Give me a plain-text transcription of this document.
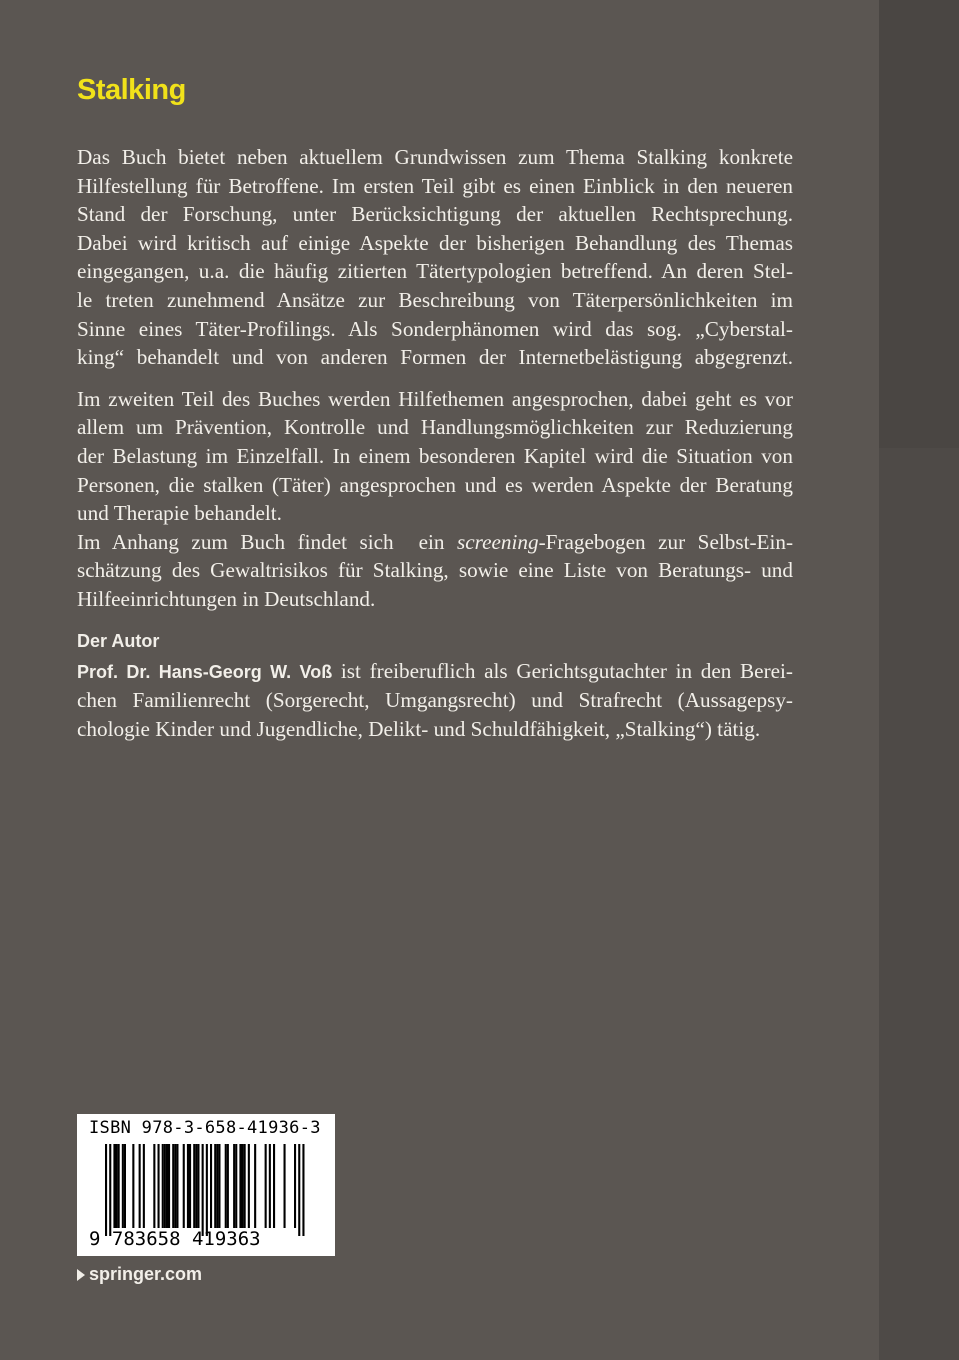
Stalking
Das Buch bietet neben aktuellem Grundwissen zum Thema Stalking konkrete
Hilfestellung für Betroffene. Im ersten Teil gibt es einen Einblick in den neueren
Stand der Forschung, unter Berücksichtigung der aktuellen Rechtsprechung.
Dabei wird kritisch auf einige Aspekte der bisherigen Behandlung des Themas
eingegangen, u.a. die häufig zitierten Tätertypologien betreffend. An deren Stel-
le treten zunehmend Ansätze zur Beschreibung von Täterpersönlichkeiten im
Sinne eines Täter-Profilings. Als Sonderphänomen wird das sog. „Cyberstal-
king“ behandelt und von anderen Formen der Internetbelästigung abgegrenzt.
Im zweiten Teil des Buches werden Hilfethemen angesprochen, dabei geht es vor
allem um Prävention, Kontrolle und Handlungsmöglichkeiten zur Reduzierung
der Belastung im Einzelfall. In einem besonderen Kapitel wird die Situation von
Personen, die stalken (Täter) angesprochen und es werden Aspekte der Beratung
und Therapie behandelt.
Im Anhang zum Buch findet sich  ein screening-Fragebogen zur Selbst-Ein-
schätzung des Gewaltrisikos für Stalking, sowie eine Liste von Beratungs- und
Hilfeeinrichtungen in Deutschland.
Der Autor
Prof. Dr. Hans-Georg W. Voß ist freiberuflich als Gerichtsgutachter in den Berei-
chen Familienrecht (Sorgerecht, Umgangsrecht) und Strafrecht (Aussagepsy-
chologie Kinder und Jugendliche, Delikt- und Schuldfähigkeit, „Stalking“) tätig.
ISBN 978-3-658-41936-3
9 783658 419363
springer.com
